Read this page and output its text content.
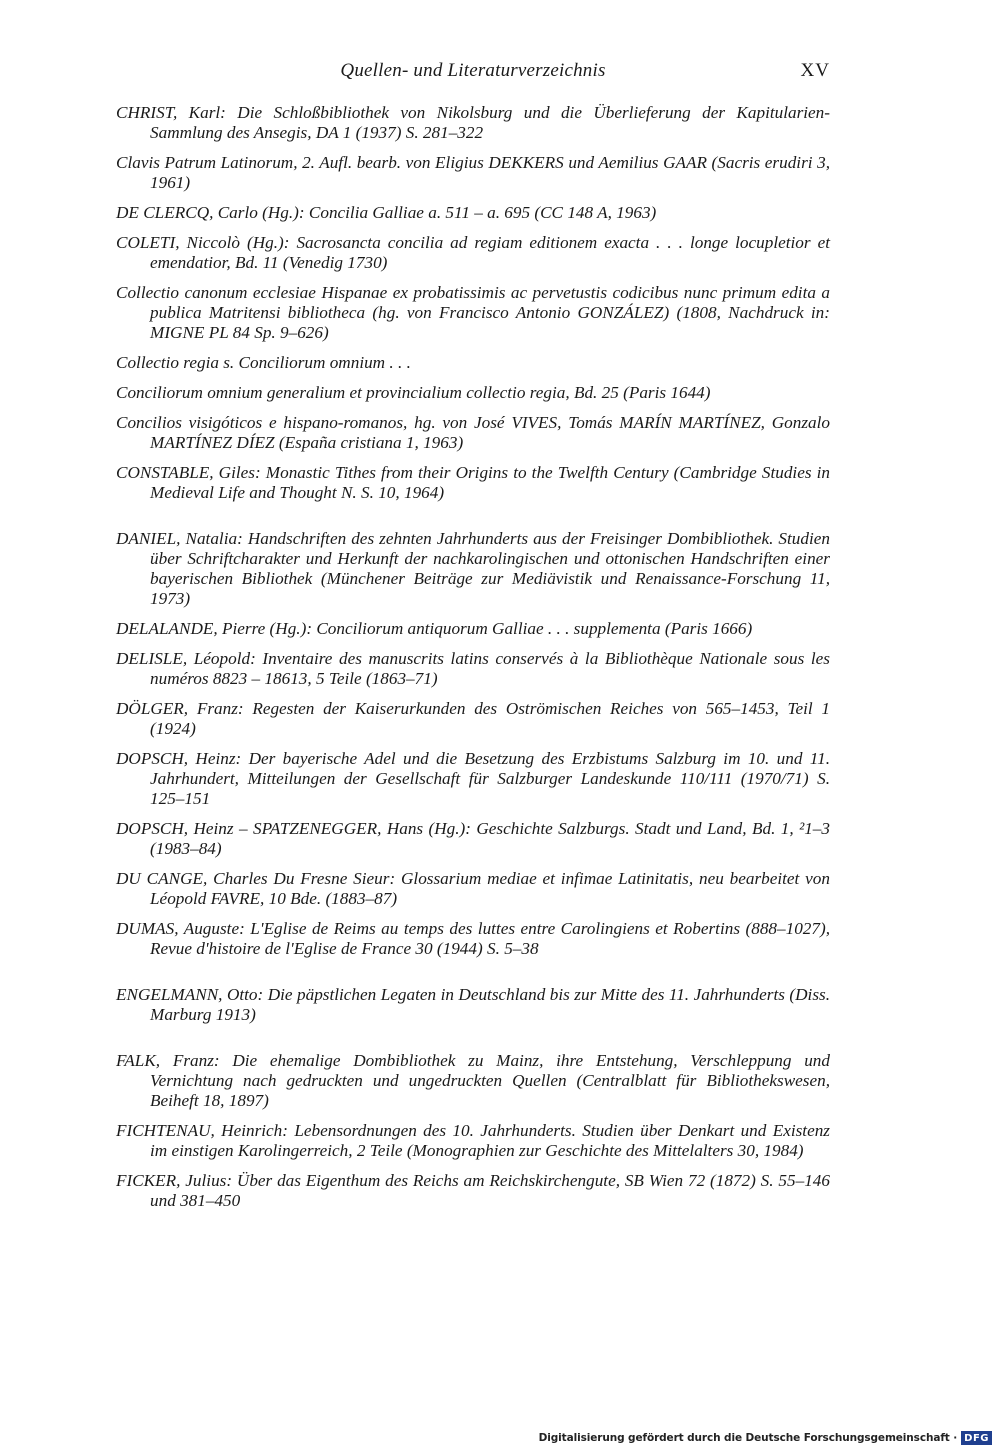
Quellen- und Literaturverzeichnis	XV

CHRIST, Karl: Die Schloßbibliothek von Nikolsburg und die Überlieferung der Kapitularien-Sammlung des Ansegis, DA 1 (1937) S. 281–322

Clavis Patrum Latinorum, 2. Aufl. bearb. von Eligius DEKKERS und Aemilius GAAR (Sacris erudiri 3, 1961)

DE CLERCQ, Carlo (Hg.): Concilia Galliae a. 511 – a. 695 (CC 148 A, 1963)

COLETI, Niccolò (Hg.): Sacrosancta concilia ad regiam editionem exacta . . . longe locupletior et emendatior, Bd. 11 (Venedig 1730)

Collectio canonum ecclesiae Hispanae ex probatissimis ac pervetustis codicibus nunc primum edita a publica Matritensi bibliotheca (hg. von Francisco Antonio GONZÁLEZ) (1808, Nachdruck in: MIGNE PL 84 Sp. 9–626)

Collectio regia s. Conciliorum omnium . . .

Conciliorum omnium generalium et provincialium collectio regia, Bd. 25 (Paris 1644)

Concilios visigóticos e hispano-romanos, hg. von José VIVES, Tomás MARÍN MARTÍNEZ, Gonzalo MARTÍNEZ DÍEZ (España cristiana 1, 1963)

CONSTABLE, Giles: Monastic Tithes from their Origins to the Twelfth Century (Cambridge Studies in Medieval Life and Thought N. S. 10, 1964)

DANIEL, Natalia: Handschriften des zehnten Jahrhunderts aus der Freisinger Dombibliothek. Studien über Schriftcharakter und Herkunft der nachkarolingischen und ottonischen Handschriften einer bayerischen Bibliothek (Münchener Beiträge zur Mediävistik und Renaissance-Forschung 11, 1973)

DELALANDE, Pierre (Hg.): Conciliorum antiquorum Galliae . . . supplementa (Paris 1666)

DELISLE, Léopold: Inventaire des manuscrits latins conservés à la Bibliothèque Nationale sous les numéros 8823 – 18613, 5 Teile (1863–71)

DÖLGER, Franz: Regesten der Kaiserurkunden des Oströmischen Reiches von 565–1453, Teil 1 (1924)

DOPSCH, Heinz: Der bayerische Adel und die Besetzung des Erzbistums Salzburg im 10. und 11. Jahrhundert, Mitteilungen der Gesellschaft für Salzburger Landeskunde 110/111 (1970/71) S. 125–151

DOPSCH, Heinz – SPATZENEGGER, Hans (Hg.): Geschichte Salzburgs. Stadt und Land, Bd. 1, ²1–3 (1983–84)

DU CANGE, Charles Du Fresne Sieur: Glossarium mediae et infimae Latinitatis, neu bearbeitet von Léopold FAVRE, 10 Bde. (1883–87)

DUMAS, Auguste: L'Eglise de Reims au temps des luttes entre Carolingiens et Robertins (888–1027), Revue d'histoire de l'Eglise de France 30 (1944) S. 5–38

ENGELMANN, Otto: Die päpstlichen Legaten in Deutschland bis zur Mitte des 11. Jahrhunderts (Diss. Marburg 1913)

FALK, Franz: Die ehemalige Dombibliothek zu Mainz, ihre Entstehung, Verschleppung und Vernichtung nach gedruckten und ungedruckten Quellen (Centralblatt für Bibliothekswesen, Beiheft 18, 1897)

FICHTENAU, Heinrich: Lebensordnungen des 10. Jahrhunderts. Studien über Denkart und Existenz im einstigen Karolingerreich, 2 Teile (Monographien zur Geschichte des Mittelalters 30, 1984)

FICKER, Julius: Über das Eigenthum des Reichs am Reichskirchengute, SB Wien 72 (1872) S. 55–146 und 381–450

Digitalisierung gefördert durch die Deutsche Forschungsgemeinschaft · DFG
